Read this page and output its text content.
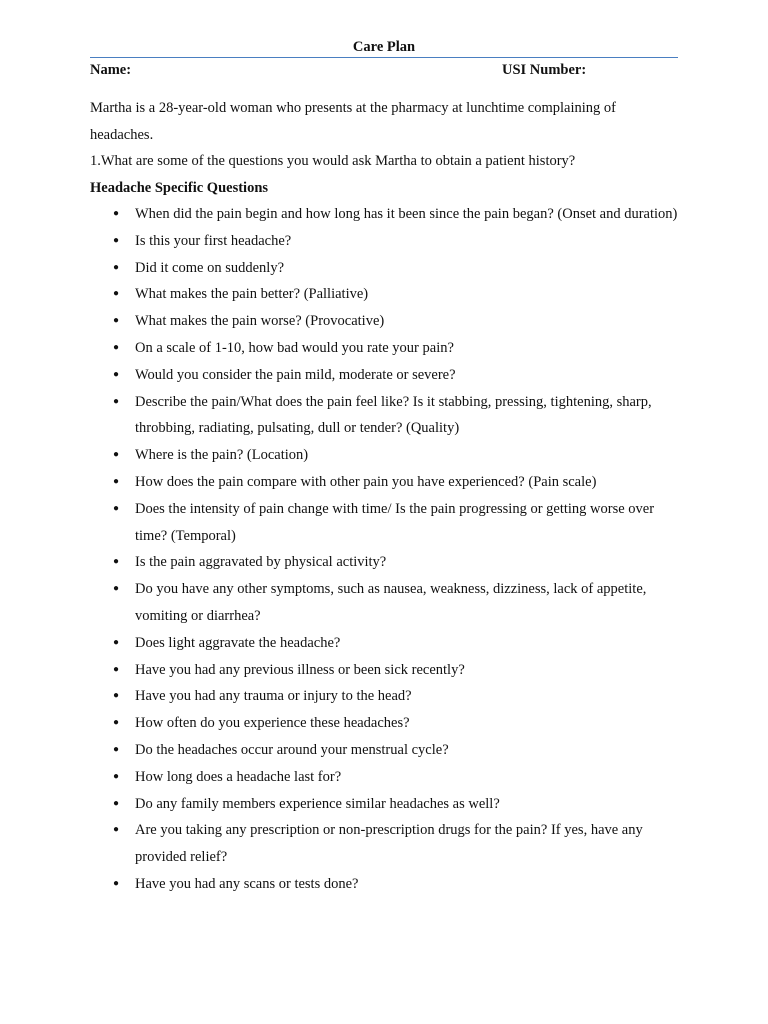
Care Plan
Name:	USI Number:
Martha is a 28-year-old woman who presents at the pharmacy at lunchtime complaining of headaches.
1.What are some of the questions you would ask Martha to obtain a patient history?
Headache Specific Questions
● When did the pain begin and how long has it been since the pain began? (Onset and duration)
● Is this your first headache?
● Did it come on suddenly?
● What makes the pain better? (Palliative)
● What makes the pain worse? (Provocative)
● On a scale of 1-10, how bad would you rate your pain?
● Would you consider the pain mild, moderate or severe?
● Describe the pain/What does the pain feel like? Is it stabbing, pressing, tightening, sharp, throbbing, radiating, pulsating, dull or tender? (Quality)
● Where is the pain? (Location)
● How does the pain compare with other pain you have experienced? (Pain scale)
● Does the intensity of pain change with time/ Is the pain progressing or getting worse over time? (Temporal)
● Is the pain aggravated by physical activity?
● Do you have any other symptoms, such as nausea, weakness, dizziness, lack of appetite, vomiting or diarrhea?
● Does light aggravate the headache?
● Have you had any previous illness or been sick recently?
● Have you had any trauma or injury to the head?
● How often do you experience these headaches?
● Do the headaches occur around your menstrual cycle?
● How long does a headache last for?
● Do any family members experience similar headaches as well?
● Are you taking any prescription or non-prescription drugs for the pain? If yes, have any provided relief?
● Have you had any scans or tests done?
